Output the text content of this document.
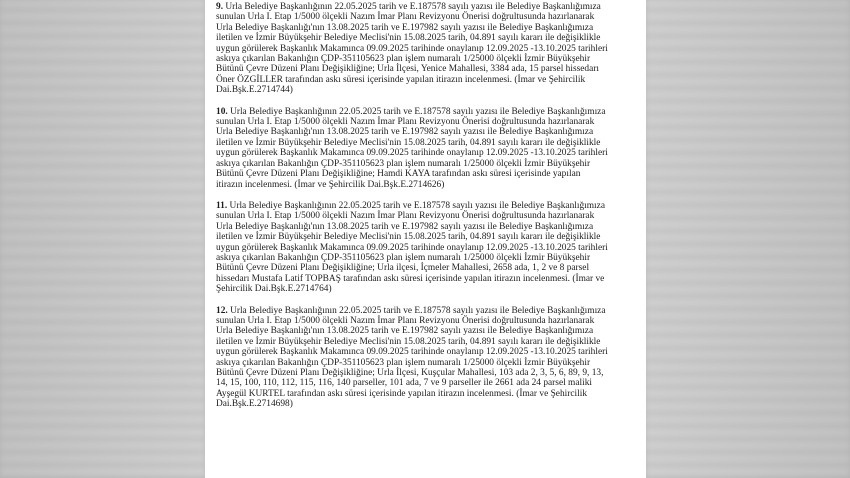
9. Urla Belediye Başkanlığının 22.05.2025 tarih ve E.187578 sayılı yazısı ile Belediye Başkanlığımıza
sunulan Urla I. Etap 1/5000 ölçekli Nazım İmar Planı Revizyonu Önerisi doğrultusunda hazırlanarak
Urla Belediye Başkanlığı'nın 13.08.2025 tarih ve E.197982 sayılı yazısı ile Belediye Başkanlığımıza
iletilen ve İzmir Büyükşehir Belediye Meclisi'nin 15.08.2025 tarih, 04.891 sayılı kararı ile değişiklikle
uygun görülerek Başkanlık Makamınca 09.09.2025 tarihinde onaylanıp 12.09.2025 -13.10.2025 tarihleri
askıya çıkarılan Bakanlığın ÇDP-351105623 plan işlem numaralı 1/25000 ölçekli İzmir Büyükşehir
Bütünü Çevre Düzeni Planı Değişikliğine; Urla İlçesi, Yenice Mahallesi, 3384 ada, 15 parsel hissedarı
Öner ÖZGİLLER tarafından askı süresi içerisinde yapılan itirazın incelenmesi. (İmar ve Şehircilik
Dai.Bşk.E.2714744)

10. Urla Belediye Başkanlığının 22.05.2025 tarih ve E.187578 sayılı yazısı ile Belediye Başkanlığımıza
sunulan Urla I. Etap 1/5000 ölçekli Nazım İmar Planı Revizyonu Önerisi doğrultusunda hazırlanarak
Urla Belediye Başkanlığı'nın 13.08.2025 tarih ve E.197982 sayılı yazısı ile Belediye Başkanlığımıza
iletilen ve İzmir Büyükşehir Belediye Meclisi'nin 15.08.2025 tarih, 04.891 sayılı kararı ile değişiklikle
uygun görülerek Başkanlık Makamınca 09.09.2025 tarihinde onaylanıp 12.09.2025 -13.10.2025 tarihleri
askıya çıkarılan Bakanlığın ÇDP-351105623 plan işlem numaralı 1/25000 ölçekli İzmir Büyükşehir
Bütünü Çevre Düzeni Planı Değişikliğine; Hamdi KAYA tarafından askı süresi içerisinde yapılan
itirazın incelenmesi. (İmar ve Şehircilik Dai.Bşk.E.2714626)

11. Urla Belediye Başkanlığının 22.05.2025 tarih ve E.187578 sayılı yazısı ile Belediye Başkanlığımıza
sunulan Urla I. Etap 1/5000 ölçekli Nazım İmar Planı Revizyonu Önerisi doğrultusunda hazırlanarak
Urla Belediye Başkanlığı'nın 13.08.2025 tarih ve E.197982 sayılı yazısı ile Belediye Başkanlığımıza
iletilen ve İzmir Büyükşehir Belediye Meclisi'nin 15.08.2025 tarih, 04.891 sayılı kararı ile değişiklikle
uygun görülerek Başkanlık Makamınca 09.09.2025 tarihinde onaylanıp 12.09.2025 -13.10.2025 tarihleri
askıya çıkarılan Bakanlığın ÇDP-351105623 plan işlem numaralı 1/25000 ölçekli İzmir Büyükşehir
Bütünü Çevre Düzeni Planı Değişikliğine; Urla ilçesi, İçmeler Mahallesi, 2658 ada, 1, 2 ve 8 parsel
hissedarı Mustafa Latif TOPBAŞ tarafından askı süresi içerisinde yapılan itirazın incelenmesi. (İmar ve
Şehircilik Dai.Bşk.E.2714764)

12. Urla Belediye Başkanlığının 22.05.2025 tarih ve E.187578 sayılı yazısı ile Belediye Başkanlığımıza
sunulan Urla I. Etap 1/5000 ölçekli Nazım İmar Planı Revizyonu Önerisi doğrultusunda hazırlanarak
Urla Belediye Başkanlığı'nın 13.08.2025 tarih ve E.197982 sayılı yazısı ile Belediye Başkanlığımıza
iletilen ve İzmir Büyükşehir Belediye Meclisi'nin 15.08.2025 tarih, 04.891 sayılı kararı ile değişiklikle
uygun görülerek Başkanlık Makamınca 09.09.2025 tarihinde onaylanıp 12.09.2025 -13.10.2025 tarihleri
askıya çıkarılan Bakanlığın ÇDP-351105623 plan işlem numaralı 1/25000 ölçekli İzmir Büyükşehir
Bütünü Çevre Düzeni Planı Değişikliğine; Urla İlçesi, Kuşçular Mahallesi, 103 ada 2, 3, 5, 6, 89, 9, 13,
14, 15, 100, 110, 112, 115, 116, 140 parseller, 101 ada, 7 ve 9 parseller ile 2661 ada 24 parsel maliki
Ayşegül KURTEL tarafından askı süresi içerisinde yapılan itirazın incelenmesi. (İmar ve Şehircilik
Dai.Bşk.E.2714698)
